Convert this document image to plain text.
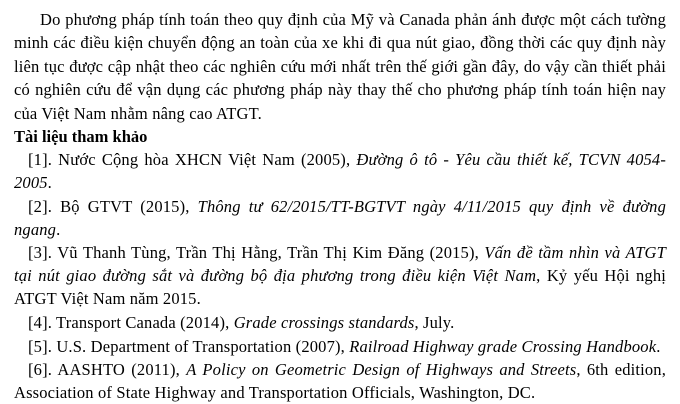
Do phương pháp tính toán theo quy định của Mỹ và Canada phản ánh được một cách tường minh các điều kiện chuyển động an toàn của xe khi đi qua nút giao, đồng thời các quy định này liên tục được cập nhật theo các nghiên cứu mới nhất trên thế giới gần đây, do vậy cần thiết phải có nghiên cứu để vận dụng các phương pháp này thay thế cho phương pháp tính toán hiện nay của Việt Nam nhằm nâng cao ATGT.

Tài liệu tham khảo

[1]. Nước Cộng hòa XHCN Việt Nam (2005), Đường ô tô - Yêu cầu thiết kế, TCVN 4054-2005.
[2]. Bộ GTVT (2015), Thông tư 62/2015/TT-BGTVT ngày 4/11/2015 quy định về đường ngang.
[3]. Vũ Thanh Tùng, Trần Thị Hằng, Trần Thị Kim Đăng (2015), Vấn đề tầm nhìn và ATGT tại nút giao đường sắt và đường bộ địa phương trong điều kiện Việt Nam, Kỷ yếu Hội nghị ATGT Việt Nam năm 2015.
[4]. Transport Canada (2014), Grade crossings standards, July.
[5]. U.S. Department of Transportation (2007), Railroad Highway grade Crossing Handbook.
[6]. AASHTO (2011), A Policy on Geometric Design of Highways and Streets, 6th edition, Association of State Highway and Transportation Officials, Washington, DC.
